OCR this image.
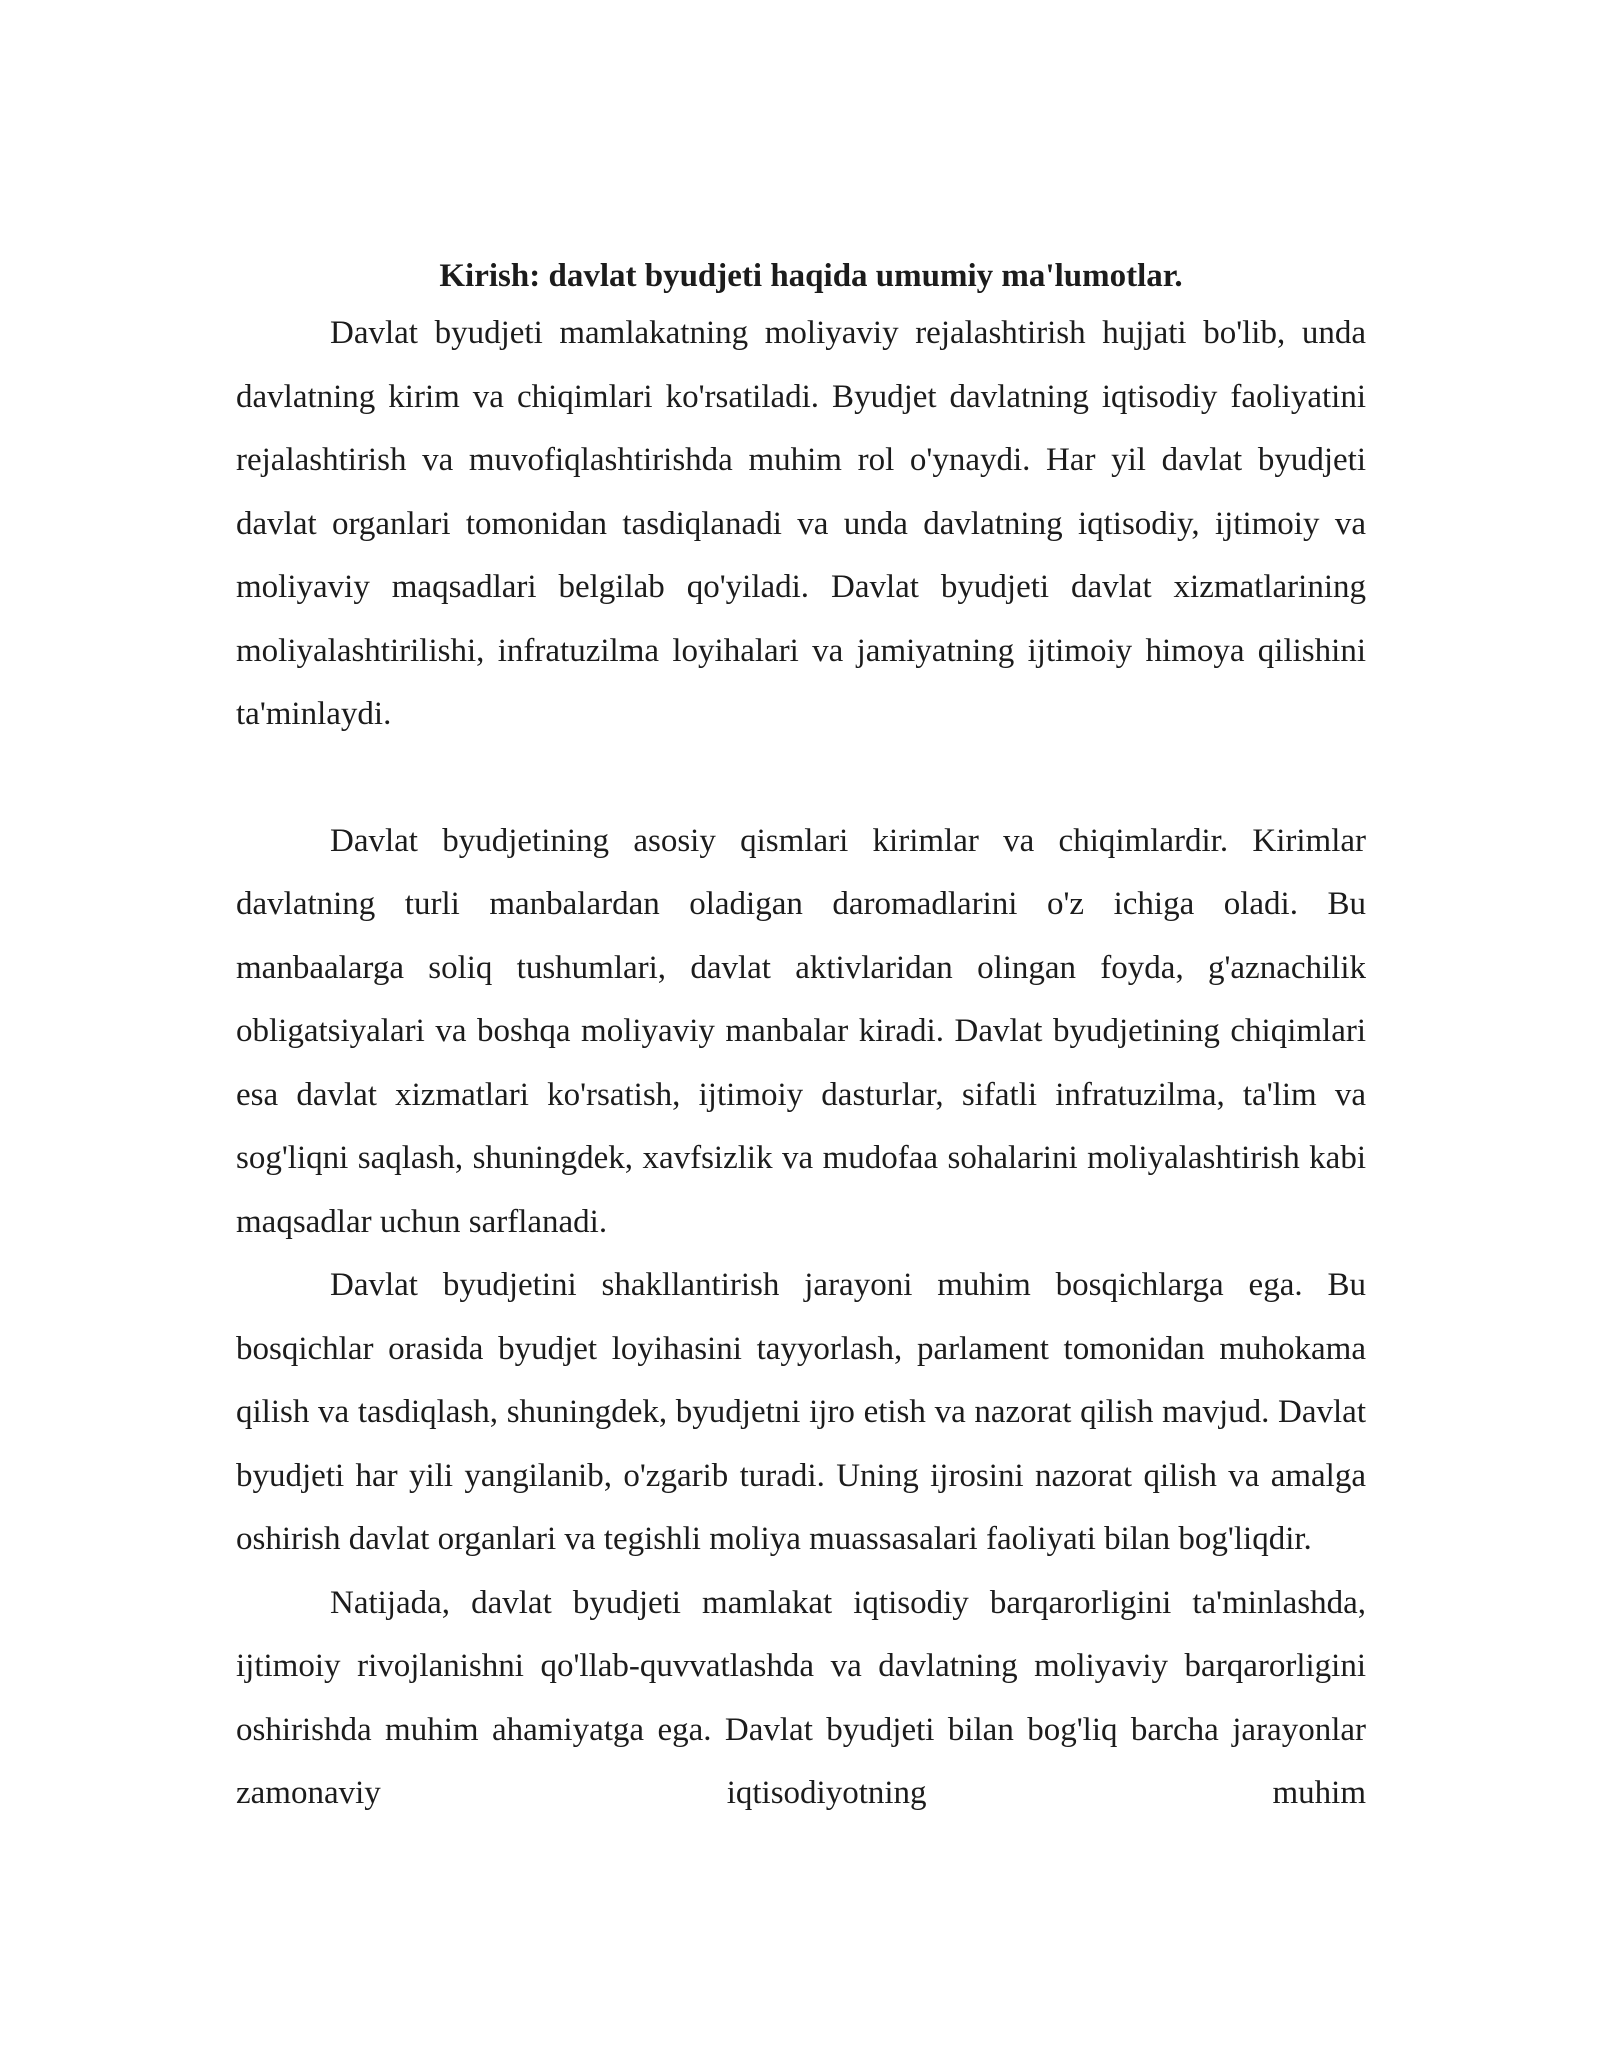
Kirish: davlat byudjeti haqida umumiy ma'lumotlar.

Davlat byudjeti mamlakatning moliyaviy rejalashtirish hujjati bo'lib, unda davlatning kirim va chiqimlari ko'rsatiladi. Byudjet davlatning iqtisodiy faoliyatini rejalashtirish va muvofiqlashtirishda muhim rol o'ynaydi. Har yil davlat byudjeti davlat organlari tomonidan tasdiqlanadi va unda davlatning iqtisodiy, ijtimoiy va moliyaviy maqsadlari belgilab qo'yiladi. Davlat byudjeti davlat xizmatlarining moliyalashtirilishi, infratuzilma loyihalari va jamiyatning ijtimoiy himoya qilishini ta'minlaydi.

Davlat byudjetining asosiy qismlari kirimlar va chiqimlardir. Kirimlar davlatning turli manbalardan oladigan daromadlarini o'z ichiga oladi. Bu manbaalarga soliq tushumlari, davlat aktivlaridan olingan foyda, g'aznachilik obligatsiyalari va boshqa moliyaviy manbalar kiradi. Davlat byudjetining chiqimlari esa davlat xizmatlari ko'rsatish, ijtimoiy dasturlar, sifatli infratuzilma, ta'lim va sog'liqni saqlash, shuningdek, xavfsizlik va mudofaa sohalarini moliyalashtirish kabi maqsadlar uchun sarflanadi.

Davlat byudjetini shakllantirish jarayoni muhim bosqichlarga ega. Bu bosqichlar orasida byudjet loyihasini tayyorlash, parlament tomonidan muhokama qilish va tasdiqlash, shuningdek, byudjetni ijro etish va nazorat qilish mavjud. Davlat byudjeti har yili yangilanib, o'zgarib turadi. Uning ijrosini nazorat qilish va amalga oshirish davlat organlari va tegishli moliya muassasalari faoliyati bilan bog'liqdir.

Natijada, davlat byudjeti mamlakat iqtisodiy barqarorligini ta'minlashda, ijtimoiy rivojlanishni qo'llab-quvvatlashda va davlatning moliyaviy barqarorligini oshirishda muhim ahamiyatga ega. Davlat byudjeti bilan bog'liq barcha jarayonlar zamonaviy iqtisodiyotning muhim
